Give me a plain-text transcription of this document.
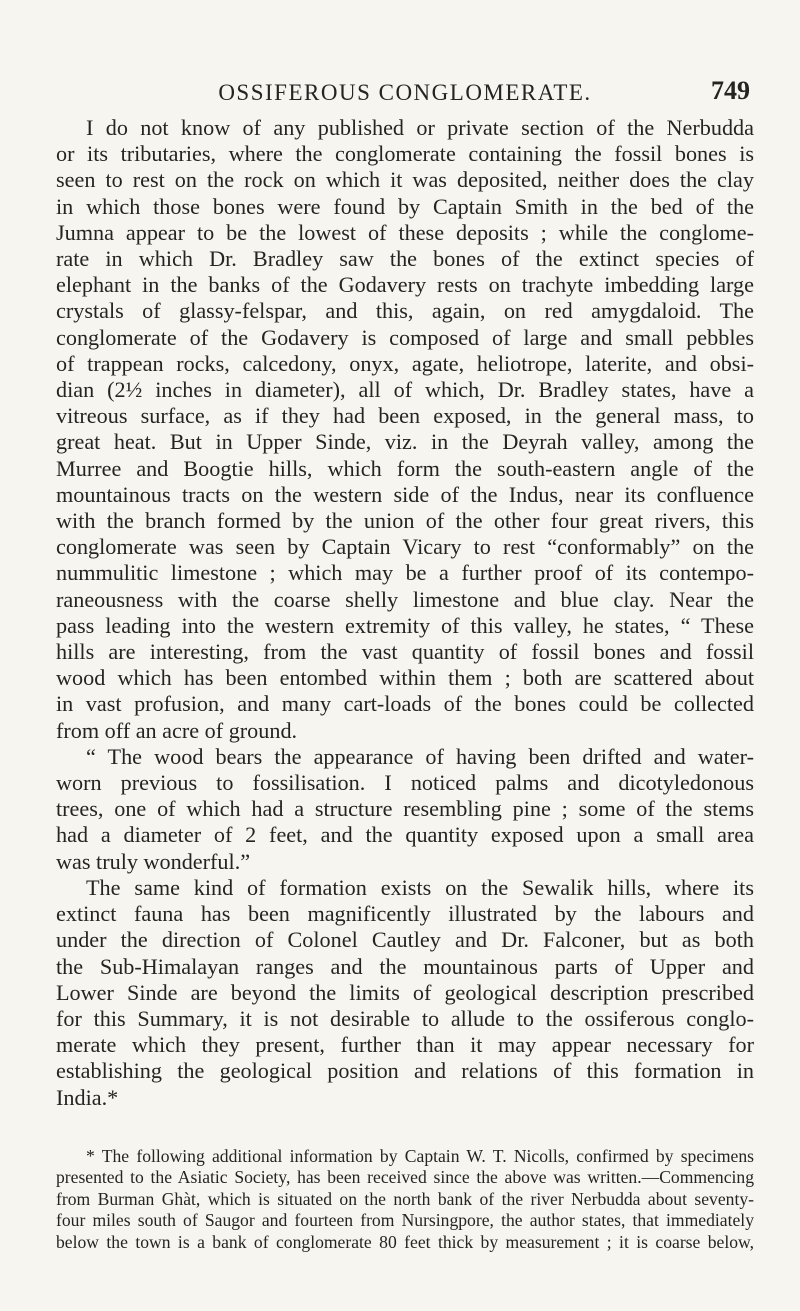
OSSIFEROUS CONGLOMERATE.	749
I do not know of any published or private section of the Nerbudda
or its tributaries, where the conglomerate containing the fossil bones is
seen to rest on the rock on which it was deposited, neither does the clay
in which those bones were found by Captain Smith in the bed of the
Jumna appear to be the lowest of these deposits ; while the conglome-
rate in which Dr. Bradley saw the bones of the extinct species of
elephant in the banks of the Godavery rests on trachyte imbedding large
crystals of glassy-felspar, and this, again, on red amygdaloid. The
conglomerate of the Godavery is composed of large and small pebbles
of trappean rocks, calcedony, onyx, agate, heliotrope, laterite, and obsi-
dian (2½ inches in diameter), all of which, Dr. Bradley states, have a
vitreous surface, as if they had been exposed, in the general mass, to
great heat. But in Upper Sinde, viz. in the Deyrah valley, among the
Murree and Boogtie hills, which form the south-eastern angle of the
mountainous tracts on the western side of the Indus, near its confluence
with the branch formed by the union of the other four great rivers, this
conglomerate was seen by Captain Vicary to rest “conformably” on the
nummulitic limestone ; which may be a further proof of its contempo-
raneousness with the coarse shelly limestone and blue clay. Near the
pass leading into the western extremity of this valley, he states, “ These
hills are interesting, from the vast quantity of fossil bones and fossil
wood which has been entombed within them ; both are scattered about
in vast profusion, and many cart-loads of the bones could be collected
from off an acre of ground.
“ The wood bears the appearance of having been drifted and water-
worn previous to fossilisation. I noticed palms and dicotyledonous
trees, one of which had a structure resembling pine ; some of the stems
had a diameter of 2 feet, and the quantity exposed upon a small area
was truly wonderful.”
The same kind of formation exists on the Sewalik hills, where its
extinct fauna has been magnificently illustrated by the labours and
under the direction of Colonel Cautley and Dr. Falconer, but as both
the Sub-Himalayan ranges and the mountainous parts of Upper and
Lower Sinde are beyond the limits of geological description prescribed
for this Summary, it is not desirable to allude to the ossiferous conglo-
merate which they present, further than it may appear necessary for
establishing the geological position and relations of this formation in
India.*
* The following additional information by Captain W. T. Nicolls, confirmed by specimens
presented to the Asiatic Society, has been received since the above was written.—Commencing
from Burman Ghàt, which is situated on the north bank of the river Nerbudda about seventy-
four miles south of Saugor and fourteen from Nursingpore, the author states, that immediately
below the town is a bank of conglomerate 80 feet thick by measurement ; it is coarse below,
